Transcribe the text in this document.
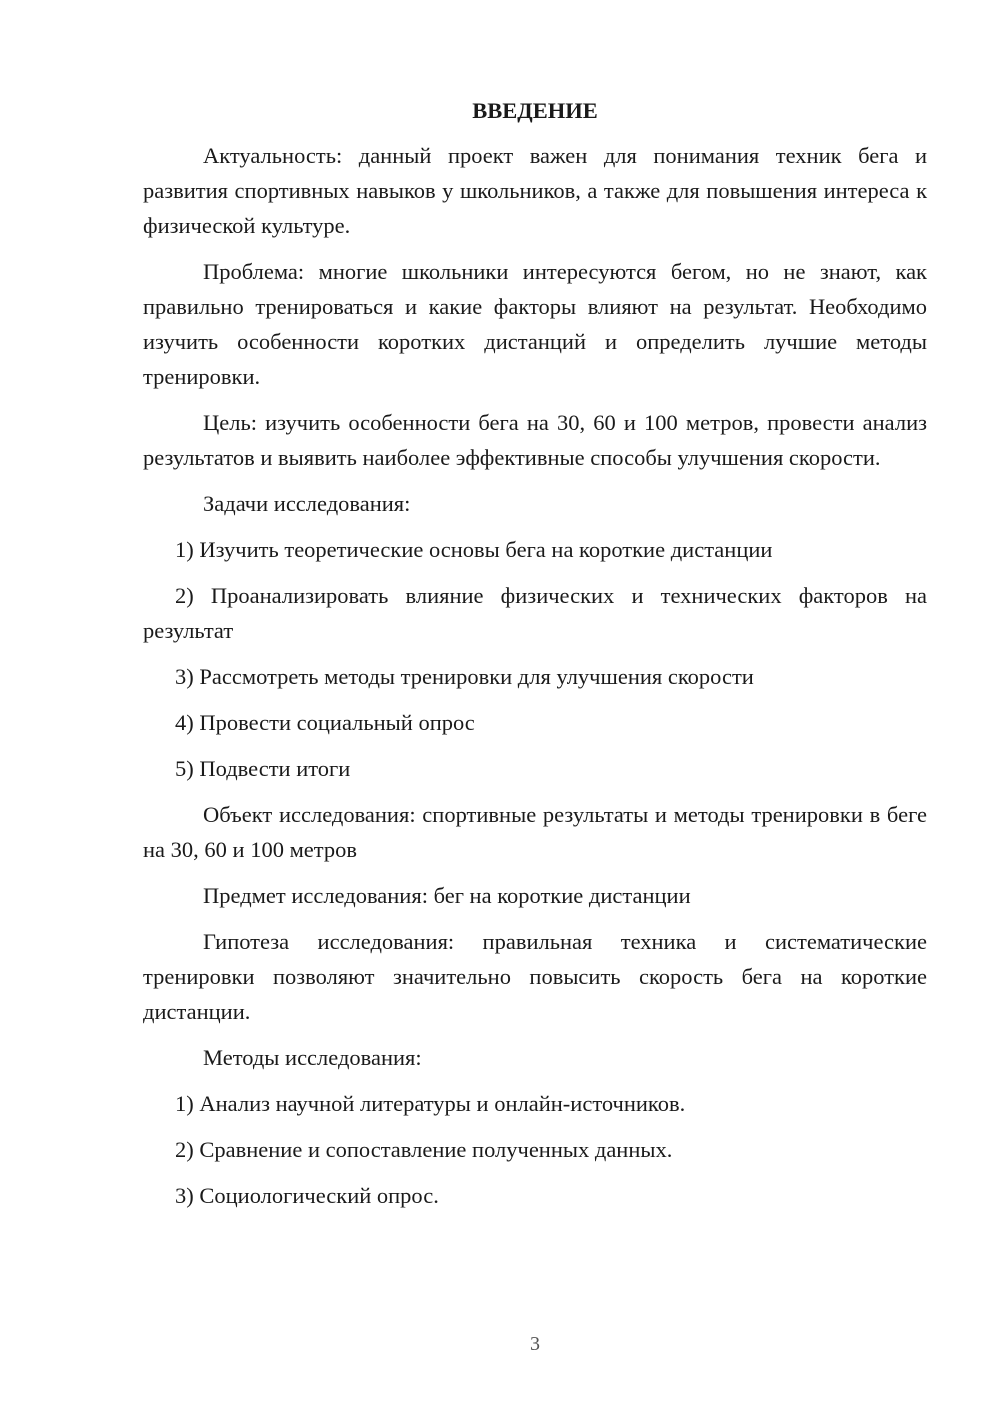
ВВЕДЕНИЕ

Актуальность: данный проект важен для понимания техник бега и развития спортивных навыков у школьников, а также для повышения интереса к физической культуре.

Проблема: многие школьники интересуются бегом, но не знают, как правильно тренироваться и какие факторы влияют на результат. Необходимо изучить особенности коротких дистанций и определить лучшие методы тренировки.

Цель: изучить особенности бега на 30, 60 и 100 метров, провести анализ результатов и выявить наиболее эффективные способы улучшения скорости.

Задачи исследования:

1) Изучить теоретические основы бега на короткие дистанции

2) Проанализировать влияние физических и технических факторов на результат

3) Рассмотреть методы тренировки для улучшения скорости

4) Провести социальный опрос

5) Подвести итоги

Объект исследования: спортивные результаты и методы тренировки в беге на 30, 60 и 100 метров

Предмет исследования: бег на короткие дистанции

Гипотеза исследования: правильная техника и систематические тренировки позволяют значительно повысить скорость бега на короткие дистанции.

Методы исследования:

1) Анализ научной литературы и онлайн-источников.

2) Сравнение и сопоставление полученных данных.

3) Социологический опрос.

3
